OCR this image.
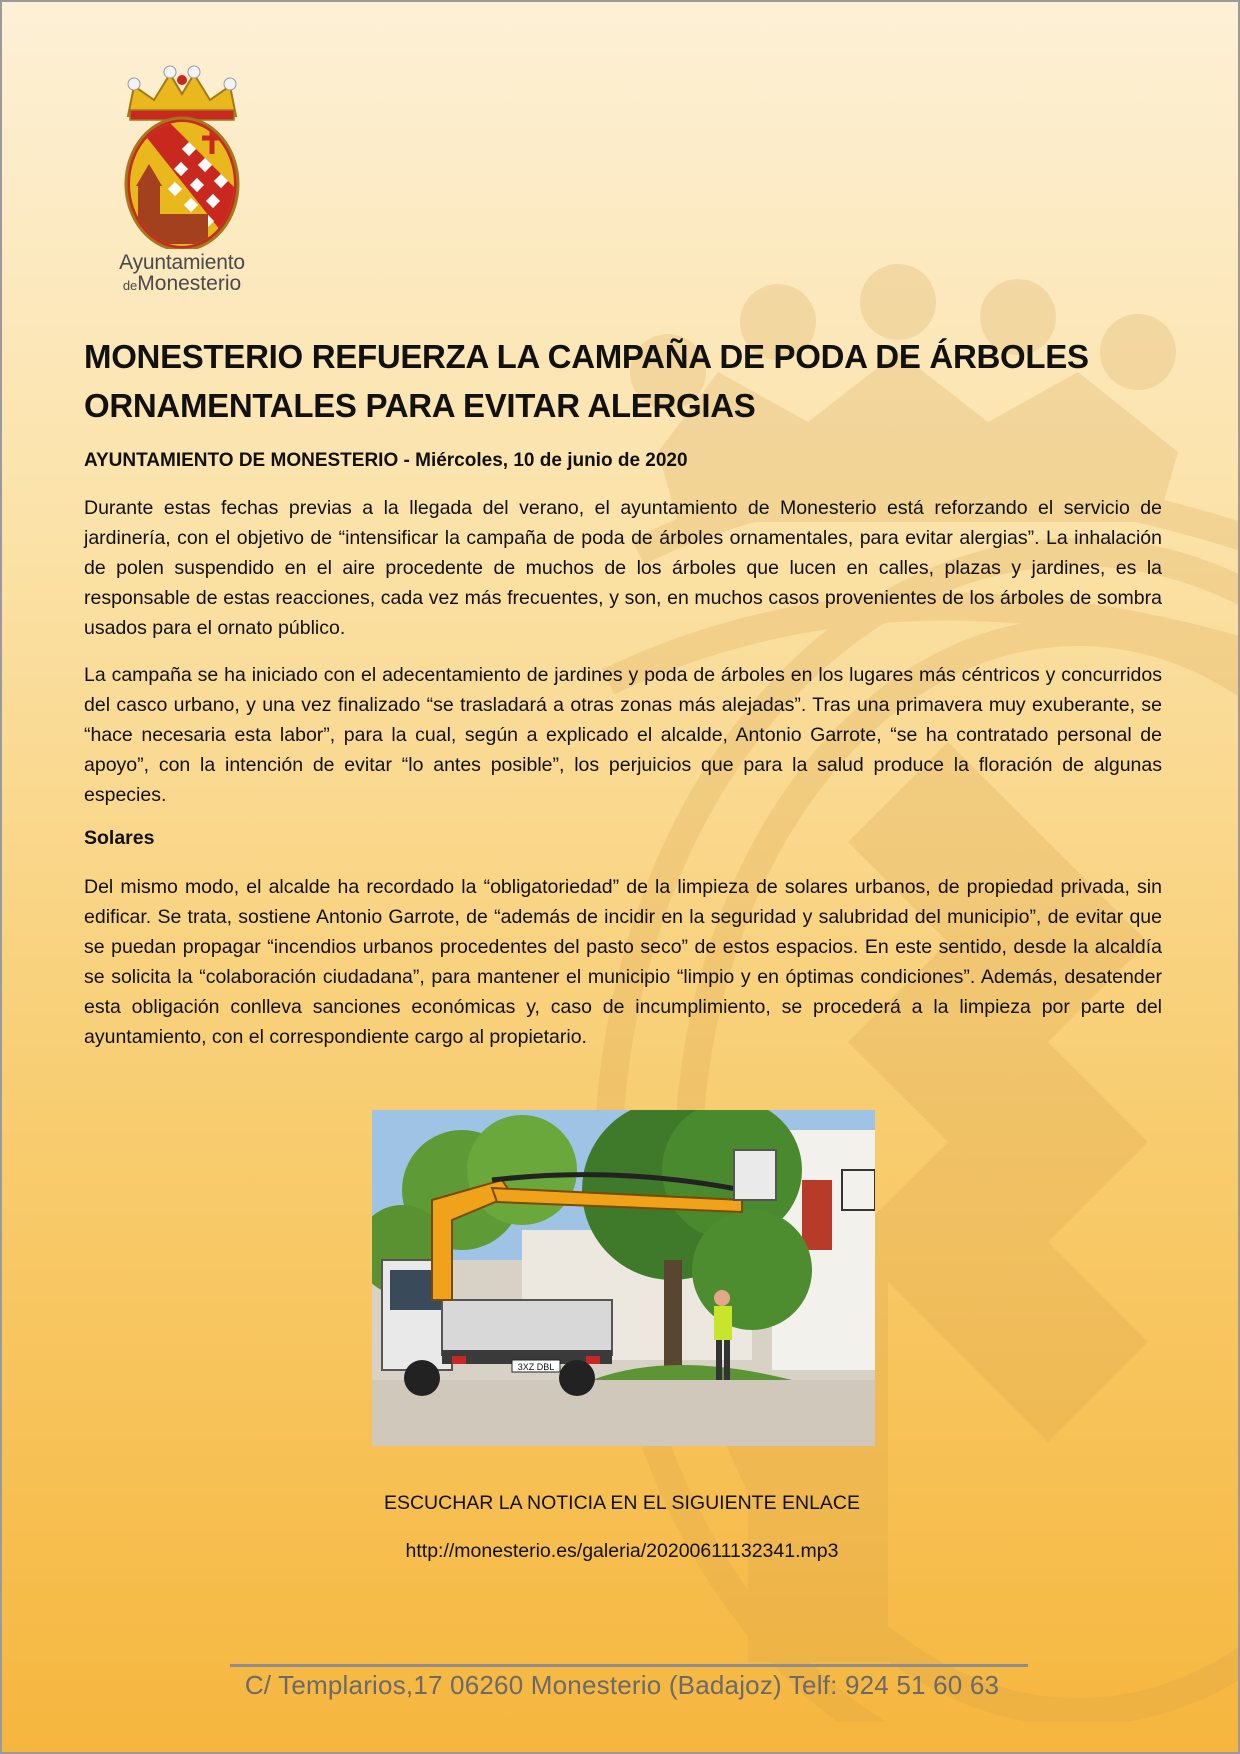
Ayuntamiento
deMonesterio
MONESTERIO REFUERZA LA CAMPAÑA DE PODA DE ÁRBOLES ORNAMENTALES PARA EVITAR ALERGIAS
AYUNTAMIENTO DE MONESTERIO - Miércoles, 10 de junio de 2020

Durante estas fechas previas a la llegada del verano, el ayuntamiento de Monesterio está reforzando el servicio de jardinería, con el objetivo de “intensificar la campaña de poda de árboles ornamentales, para evitar alergias”. La inhalación de polen suspendido en el aire procedente de muchos de los árboles que lucen en calles, plazas y jardines, es la responsable de estas reacciones, cada vez más frecuentes, y son, en muchos casos provenientes de los árboles de sombra usados para el ornato público.

La campaña se ha iniciado con el adecentamiento de jardines y poda de árboles en los lugares más céntricos y concurridos del casco urbano, y una vez finalizado “se trasladará a otras zonas más alejadas”. Tras una primavera muy exuberante, se “hace necesaria esta labor”, para la cual, según a explicado el alcalde, Antonio Garrote, “se ha contratado personal de apoyo”, con la intención de evitar “lo antes posible”, los perjuicios que para la salud produce la floración de algunas especies.

Solares

Del mismo modo, el alcalde ha recordado la “obligatoriedad” de la limpieza de solares urbanos, de propiedad privada, sin edificar. Se trata, sostiene Antonio Garrote, de “además de incidir en la seguridad y salubridad del municipio”, de evitar que se puedan propagar “incendios urbanos procedentes del pasto seco” de estos espacios. En este sentido, desde la alcaldía se solicita la “colaboración ciudadana”, para mantener el municipio “limpio y en óptimas condiciones”. Además, desatender esta obligación conlleva sanciones económicas y, caso de incumplimiento, se procederá a la limpieza por parte del ayuntamiento, con el correspondiente cargo al propietario.

3XZ DBL
ESCUCHAR LA NOTICIA EN EL SIGUIENTE ENLACE
http://monesterio.es/galeria/20200611132341.mp3
C/ Templarios,17 06260 Monesterio (Badajoz) Telf: 924 51 60 63
